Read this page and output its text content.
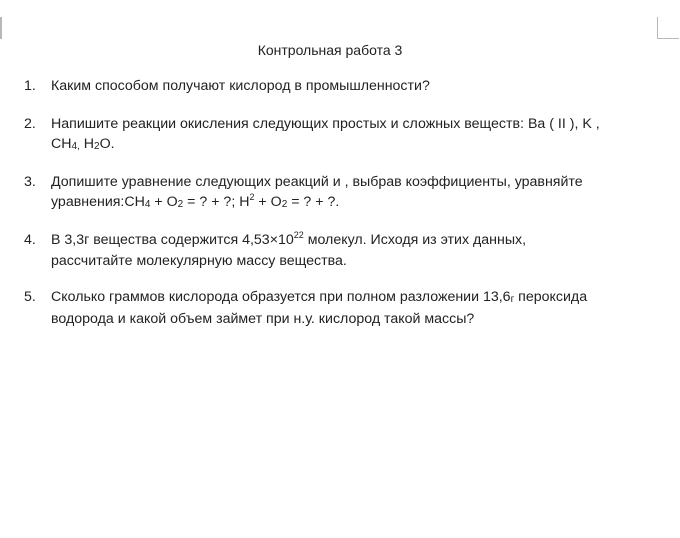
Контрольная работа 3
1. Каким способом получают кислород в промышленности?
2. Напишите реакции окисления следующих простых и сложных веществ: Ba ( II ), K ,
CH4, H2O.
3. Допишите уравнение следующих реакций и , выбрав коэффициенты, уравняйте
уравнения:CH4 + O2 = ? + ?; $H^2 + O2$ = ? + ?.
4. В 3,3г вещества содержится $4,53\times 10^{22}$ молекул. Исходя из этих данных,
рассчитайте молекулярную массу вещества.
5. Сколько граммов кислорода образуется при полном разложении 13,6г пероксида
водорода и какой объем займет при н.у. кислород такой массы?
